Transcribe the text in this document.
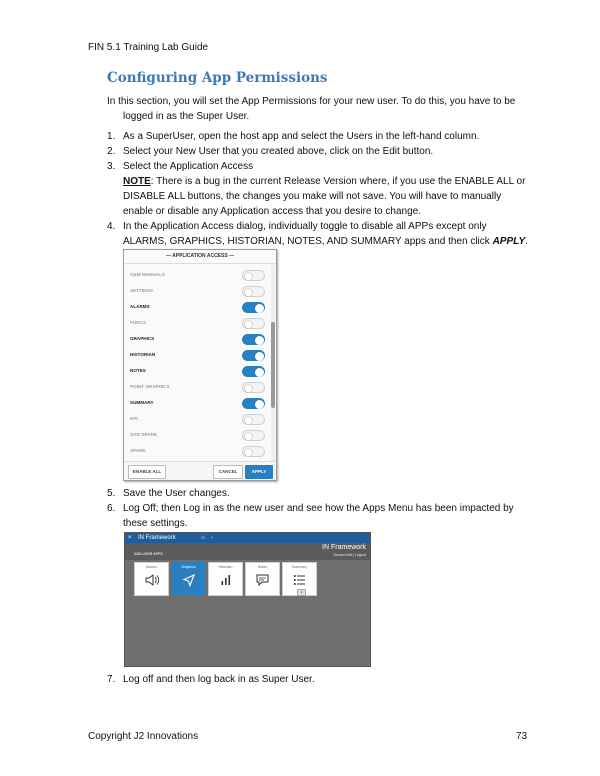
FIN 5.1 Training Lab Guide
Configuring App Permissions
In this section, you will set the App Permissions for your new user. To do this, you have to be
logged in as the Super User.
1. As a SuperUser, open the host app and select the Users in the left-hand column.
2. Select your New User that you created above, click on the Edit button.
3. Select the Application Access
NOTE: There is a bug in the current Release Version where, if you use the ENABLE ALL or DISABLE ALL buttons, the changes you make will not save. You will have to manually enable or disable any Application access that you desire to change.
4. In the Application Access dialog, individually toggle to disable all APPs except only ALARMS, GRAPHICS, HISTORIAN, NOTES, AND SUMMARY apps and then click APPLY.
— APPLICATION ACCESS —
O&M MANUALS
SETTINGS
ALARMS
FUNCS
GRAPHICS
HISTORIAN
NOTES
POINT GRAPHICS
SUMMARY
KPI
SITE SPARK
SPARK
ENABLE ALL	CANCEL	APPLY
5. Save the User changes.
6. Log Off; then Log in as the new user and see how the Apps Menu has been impacted by these settings.
× IN Framework	⌂ ›
ANS-USER APPS
IN Framework
Gerard Huff | Logout
Alarms	Graphics	Historian	Notes	Summary
1
7. Log off and then log back in as Super User.
Copyright J2 Innovations	73
